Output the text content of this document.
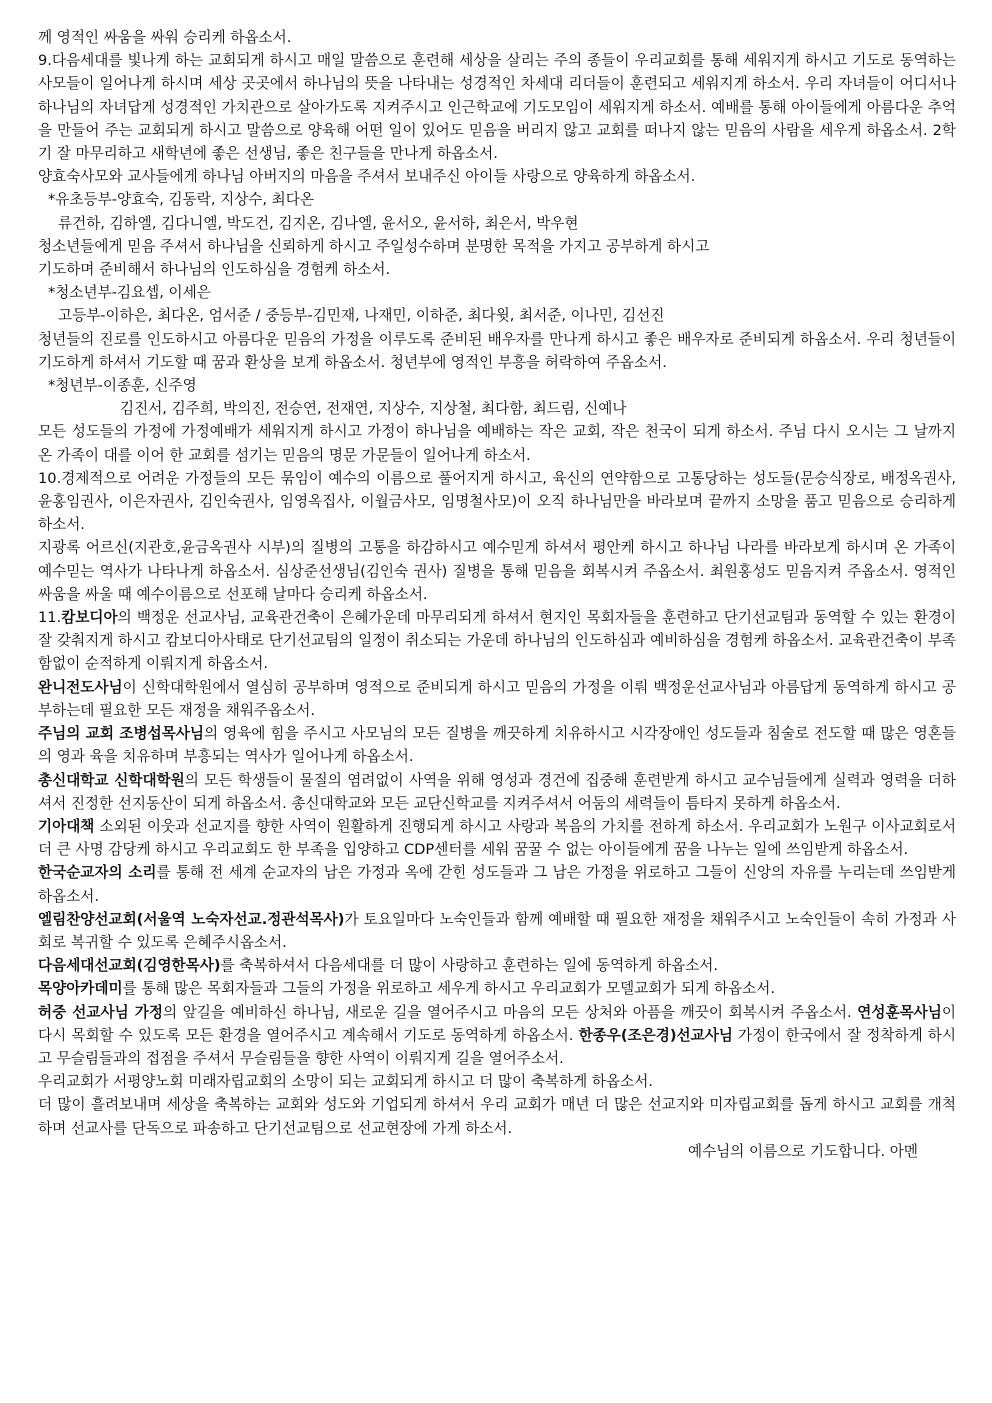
께 영적인 싸움을 싸워 승리케 하옵소서.

9.다음세대를 빛나게 하는 교회되게 하시고 매일 말씀으로 훈련해 세상을 살리는 주의 종들이 우리교회를 통해 세워지게 하시고 기도로 동역하는 사모들이 일어나게 하시며 세상 곳곳에서 하나님의 뜻을 나타내는 성경적인 차세대 리더들이 훈련되고 세워지게 하소서. 우리 자녀들이 어디서나 하나님의 자녀답게 성경적인 가치관으로 살아가도록 지켜주시고 인근학교에 기도모임이 세워지게 하소서. 예배를 통해 아이들에게 아름다운 추억을 만들어 주는 교회되게 하시고 말씀으로 양육해 어떤 일이 있어도 믿음을 버리지 않고 교회를 떠나지 않는 믿음의 사람을 세우게 하옵소서. 2학기 잘 마무리하고 새학년에 좋은 선생님, 좋은 친구들을 만나게 하옵소서.

양효숙사모와 교사들에게 하나님 아버지의 마음을 주셔서 보내주신 아이들 사랑으로 양육하게 하옵소서.

*유초등부-양효숙, 김동락, 지상수, 최다온

류건하, 김하엘, 김다니엘, 박도건, 김지온, 김나엘, 윤서오, 윤서하, 최은서, 박우현

청소년들에게 믿음 주셔서 하나님을 신뢰하게 하시고 주일성수하며 분명한 목적을 가지고 공부하게 하시고

기도하며 준비해서 하나님의 인도하심을 경험케 하소서.

*청소년부-김요셉, 이세은

고등부-이하은, 최다온, 엄서준 / 중등부-김민재, 나재민, 이하준, 최다윗, 최서준, 이나민, 김선진

청년들의 진로를 인도하시고 아름다운 믿음의 가정을 이루도록 준비된 배우자를 만나게 하시고 좋은 배우자로 준비되게 하옵소서. 우리 청년들이 기도하게 하셔서 기도할 때 꿈과 환상을 보게 하옵소서. 청년부에 영적인 부흥을 허락하여 주옵소서.

*청년부-이종훈, 신주영

김진서, 김주희, 박의진, 전승연, 전재연, 지상수, 지상철, 최다함, 최드림, 신예나

모든 성도들의 가정에 가정예배가 세워지게 하시고 가정이 하나님을 예배하는 작은 교회, 작은 천국이 되게 하소서. 주님 다시 오시는 그 날까지 온 가족이 대를 이어 한 교회를 섬기는 믿음의 명문 가문들이 일어나게 하소서.

10.경제적으로 어려운 가정들의 모든 묶임이 예수의 이름으로 풀어지게 하시고, 육신의 연약함으로 고통당하는 성도들(문승식장로, 배정옥권사, 윤홍임권사, 이은자권사, 김인숙권사, 임영옥집사, 이월금사모, 임명철사모)이 오직 하나님만을 바라보며 끝까지 소망을 품고 믿음으로 승리하게 하소서.

지광록 어르신(지관호,윤금옥권사 시부)의 질병의 고통을 하감하시고 예수믿게 하셔서 평안케 하시고 하나님 나라를 바라보게 하시며 온 가족이 예수믿는 역사가 나타나게 하옵소서. 심상준선생님(김인숙 권사) 질병을 통해 믿음을 회복시켜 주옵소서. 최원홍성도 믿음지켜 주옵소서. 영적인 싸움을 싸울 때 예수이름으로 선포해 날마다 승리케 하옵소서.

11.캄보디아의 백정운 선교사님, 교육관건축이 은혜가운데 마무리되게 하셔서 현지인 목회자들을 훈련하고 단기선교팀과 동역할 수 있는 환경이 잘 갖춰지게 하시고 캄보디아사태로 단기선교팀의 일정이 취소되는 가운데 하나님의 인도하심과 예비하심을 경험케 하옵소서. 교육관건축이 부족함없이 순적하게 이뤄지게 하옵소서.

완니전도사님이 신학대학원에서 열심히 공부하며 영적으로 준비되게 하시고 믿음의 가정을 이뤄 백정운선교사님과 아름답게 동역하게 하시고 공부하는데 필요한 모든 재정을 채워주옵소서.

주님의 교회 조병섭목사님의 영육에 힘을 주시고 사모님의 모든 질병을 깨끗하게 치유하시고 시각장애인 성도들과 침술로 전도할 때 많은 영혼들의 영과 육을 치유하며 부흥되는 역사가 일어나게 하옵소서.

총신대학교 신학대학원의 모든 학생들이 물질의 염려없이 사역을 위해 영성과 경건에 집중해 훈련받게 하시고 교수님들에게 실력과 영력을 더하셔서 진정한 선지동산이 되게 하옵소서. 총신대학교와 모든 교단신학교를 지켜주셔서 어둠의 세력들이 틈타지 못하게 하옵소서.

기아대책 소외된 이웃과 선교지를 향한 사역이 원활하게 진행되게 하시고 사랑과 복음의 가치를 전하게 하소서. 우리교회가 노원구 이사교회로서 더 큰 사명 감당케 하시고 우리교회도 한 부족을 입양하고 CDP센터를 세워 꿈꿀 수 없는 아이들에게 꿈을 나누는 일에 쓰임받게 하옵소서.

한국순교자의 소리를 통해 전 세계 순교자의 남은 가정과 옥에 갇힌 성도들과 그 남은 가정을 위로하고 그들이 신앙의 자유를 누리는데 쓰임받게 하옵소서.

엘림찬양선교회(서울역 노숙자선교.정관석목사)가 토요일마다 노숙인들과 함께 예배할 때 필요한 재정을 채워주시고 노숙인들이 속히 가정과 사회로 복귀할 수 있도록 은혜주시옵소서.

다음세대선교회(김영한목사)를 축복하셔서 다음세대를 더 많이 사랑하고 훈련하는 일에 동역하게 하옵소서.

목양아카데미를 통해 많은 목회자들과 그들의 가정을 위로하고 세우게 하시고 우리교회가 모델교회가 되게 하옵소서.

허중 선교사님 가정의 앞길을 예비하신 하나님, 새로운 길을 열어주시고 마음의 모든 상처와 아픔을 깨끗이 회복시켜 주옵소서. 연성훈목사님이 다시 목회할 수 있도록 모든 환경을 열어주시고 계속해서 기도로 동역하게 하옵소서. 한종우(조은경)선교사님 가정이 한국에서 잘 정착하게 하시고 무슬림들과의 접점을 주셔서 무슬림들을 향한 사역이 이뤄지게 길을 열어주소서.

우리교회가 서평양노회 미래자립교회의 소망이 되는 교회되게 하시고 더 많이 축복하게 하옵소서.

더 많이 흘려보내며 세상을 축복하는 교회와 성도와 기업되게 하셔서 우리 교회가 매년 더 많은 선교지와 미자립교회를 돕게 하시고 교회를 개척하며 선교사를 단독으로 파송하고 단기선교팀으로 선교현장에 가게 하소서.

예수님의 이름으로 기도합니다. 아멘
